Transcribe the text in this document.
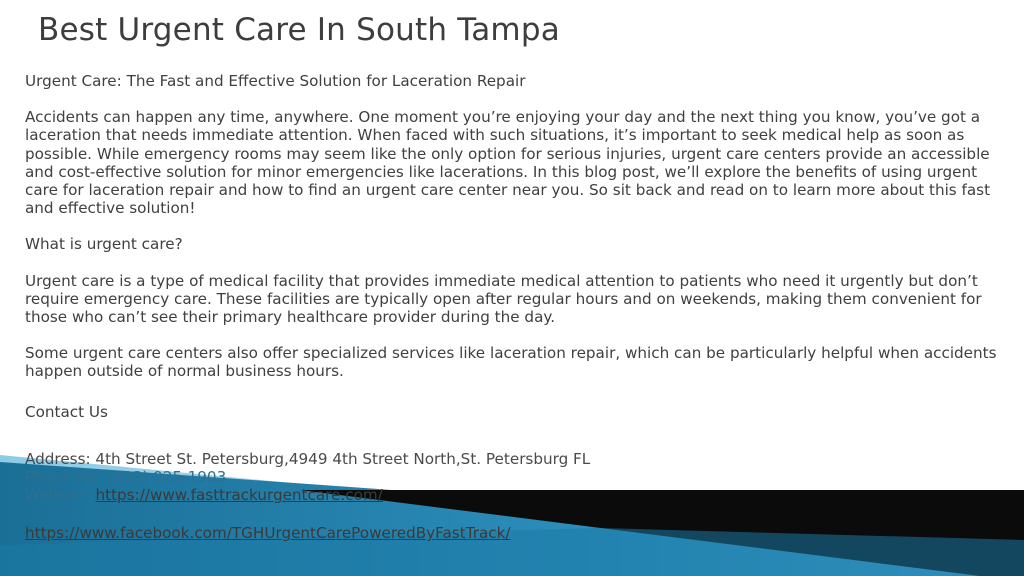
Best Urgent Care In South Tampa

Urgent Care: The Fast and Effective Solution for Laceration Repair

Accidents can happen any time, anywhere. One moment you’re enjoying your day and the next thing you know, you’ve got a laceration that needs immediate attention. When faced with such situations, it’s important to seek medical help as soon as possible. While emergency rooms may seem like the only option for serious injuries, urgent care centers provide an accessible and cost-effective solution for minor emergencies like lacerations. In this blog post, we’ll explore the benefits of using urgent care for laceration repair and how to find an urgent care center near you. So sit back and read on to learn more about this fast and effective solution!

What is urgent care?

Urgent care is a type of medical facility that provides immediate medical attention to patients who need it urgently but don’t require emergency care. These facilities are typically open after regular hours and on weekends, making them convenient for those who can’t see their primary healthcare provider during the day.

Some urgent care centers also offer specialized services like laceration repair, which can be particularly helpful when accidents happen outside of normal business hours.

Contact Us

Address: 4th Street St. Petersburg,4949 4th Street North,St. Petersburg FL

Phone No: (813) 925-1903

Website: https://www.fasttrackurgentcare.com/

https://www.facebook.com/TGHUrgentCarePoweredByFastTrack/
